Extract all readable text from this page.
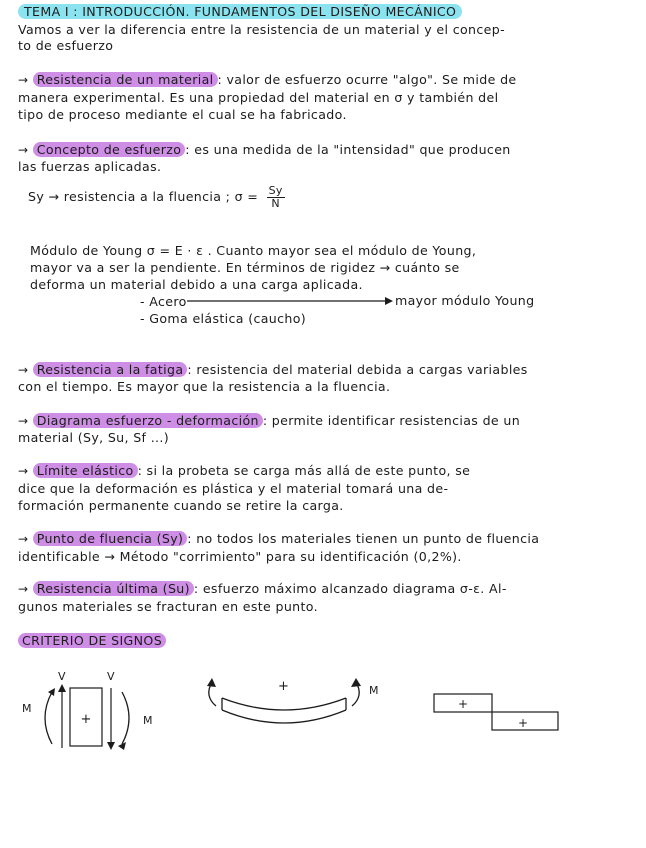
TEMA I : INTRODUCCIÓN. FUNDAMENTOS DEL DISEÑO MECÁNICO
Vamos a ver la diferencia entre la resistencia de un material y el concep-
to de esfuerzo
→ Resistencia de un material : valor de esfuerzo ocurre "algo". Se mide de
manera experimental. Es una propiedad del material en σ y también del
tipo de proceso mediante el cual se ha fabricado.
→ Concepto de esfuerzo : es una medida de la "intensidad" que producen
las fuerzas aplicadas.
Sy → resistencia a la fluencia ; $\sigma = \frac{Sy}{N}$
Módulo de Young σ = E · ε . Cuanto mayor sea el módulo de Young,
mayor va a ser la pendiente. En términos de rigidez → cuánto se
deforma un material debido a una carga aplicada.
- Acero	mayor módulo Young
- Goma elástica (caucho)
→ Resistencia a la fatiga : resistencia del material debida a cargas variables
con el tiempo. Es mayor que la resistencia a la fluencia.
→ Diagrama esfuerzo - deformación : permite identificar resistencias de un
material (Sy, Su, Sf ...)
→ Límite elástico : si la probeta se carga más allá de este punto, se
dice que la deformación es plástica y el material tomará una de-
formación permanente cuando se retire la carga.
→ Punto de fluencia (Sy) : no todos los materiales tienen un punto de fluencia
identificable → Método "corrimiento" para su identificación (0,2%).
→ Resistencia última (Su) : esfuerzo máximo alcanzado diagrama σ-ε. Al-
gunos materiales se fracturan en este punto.
CRITERIO DE SIGNOS
+
V	V
M
M
+	M
+
+
